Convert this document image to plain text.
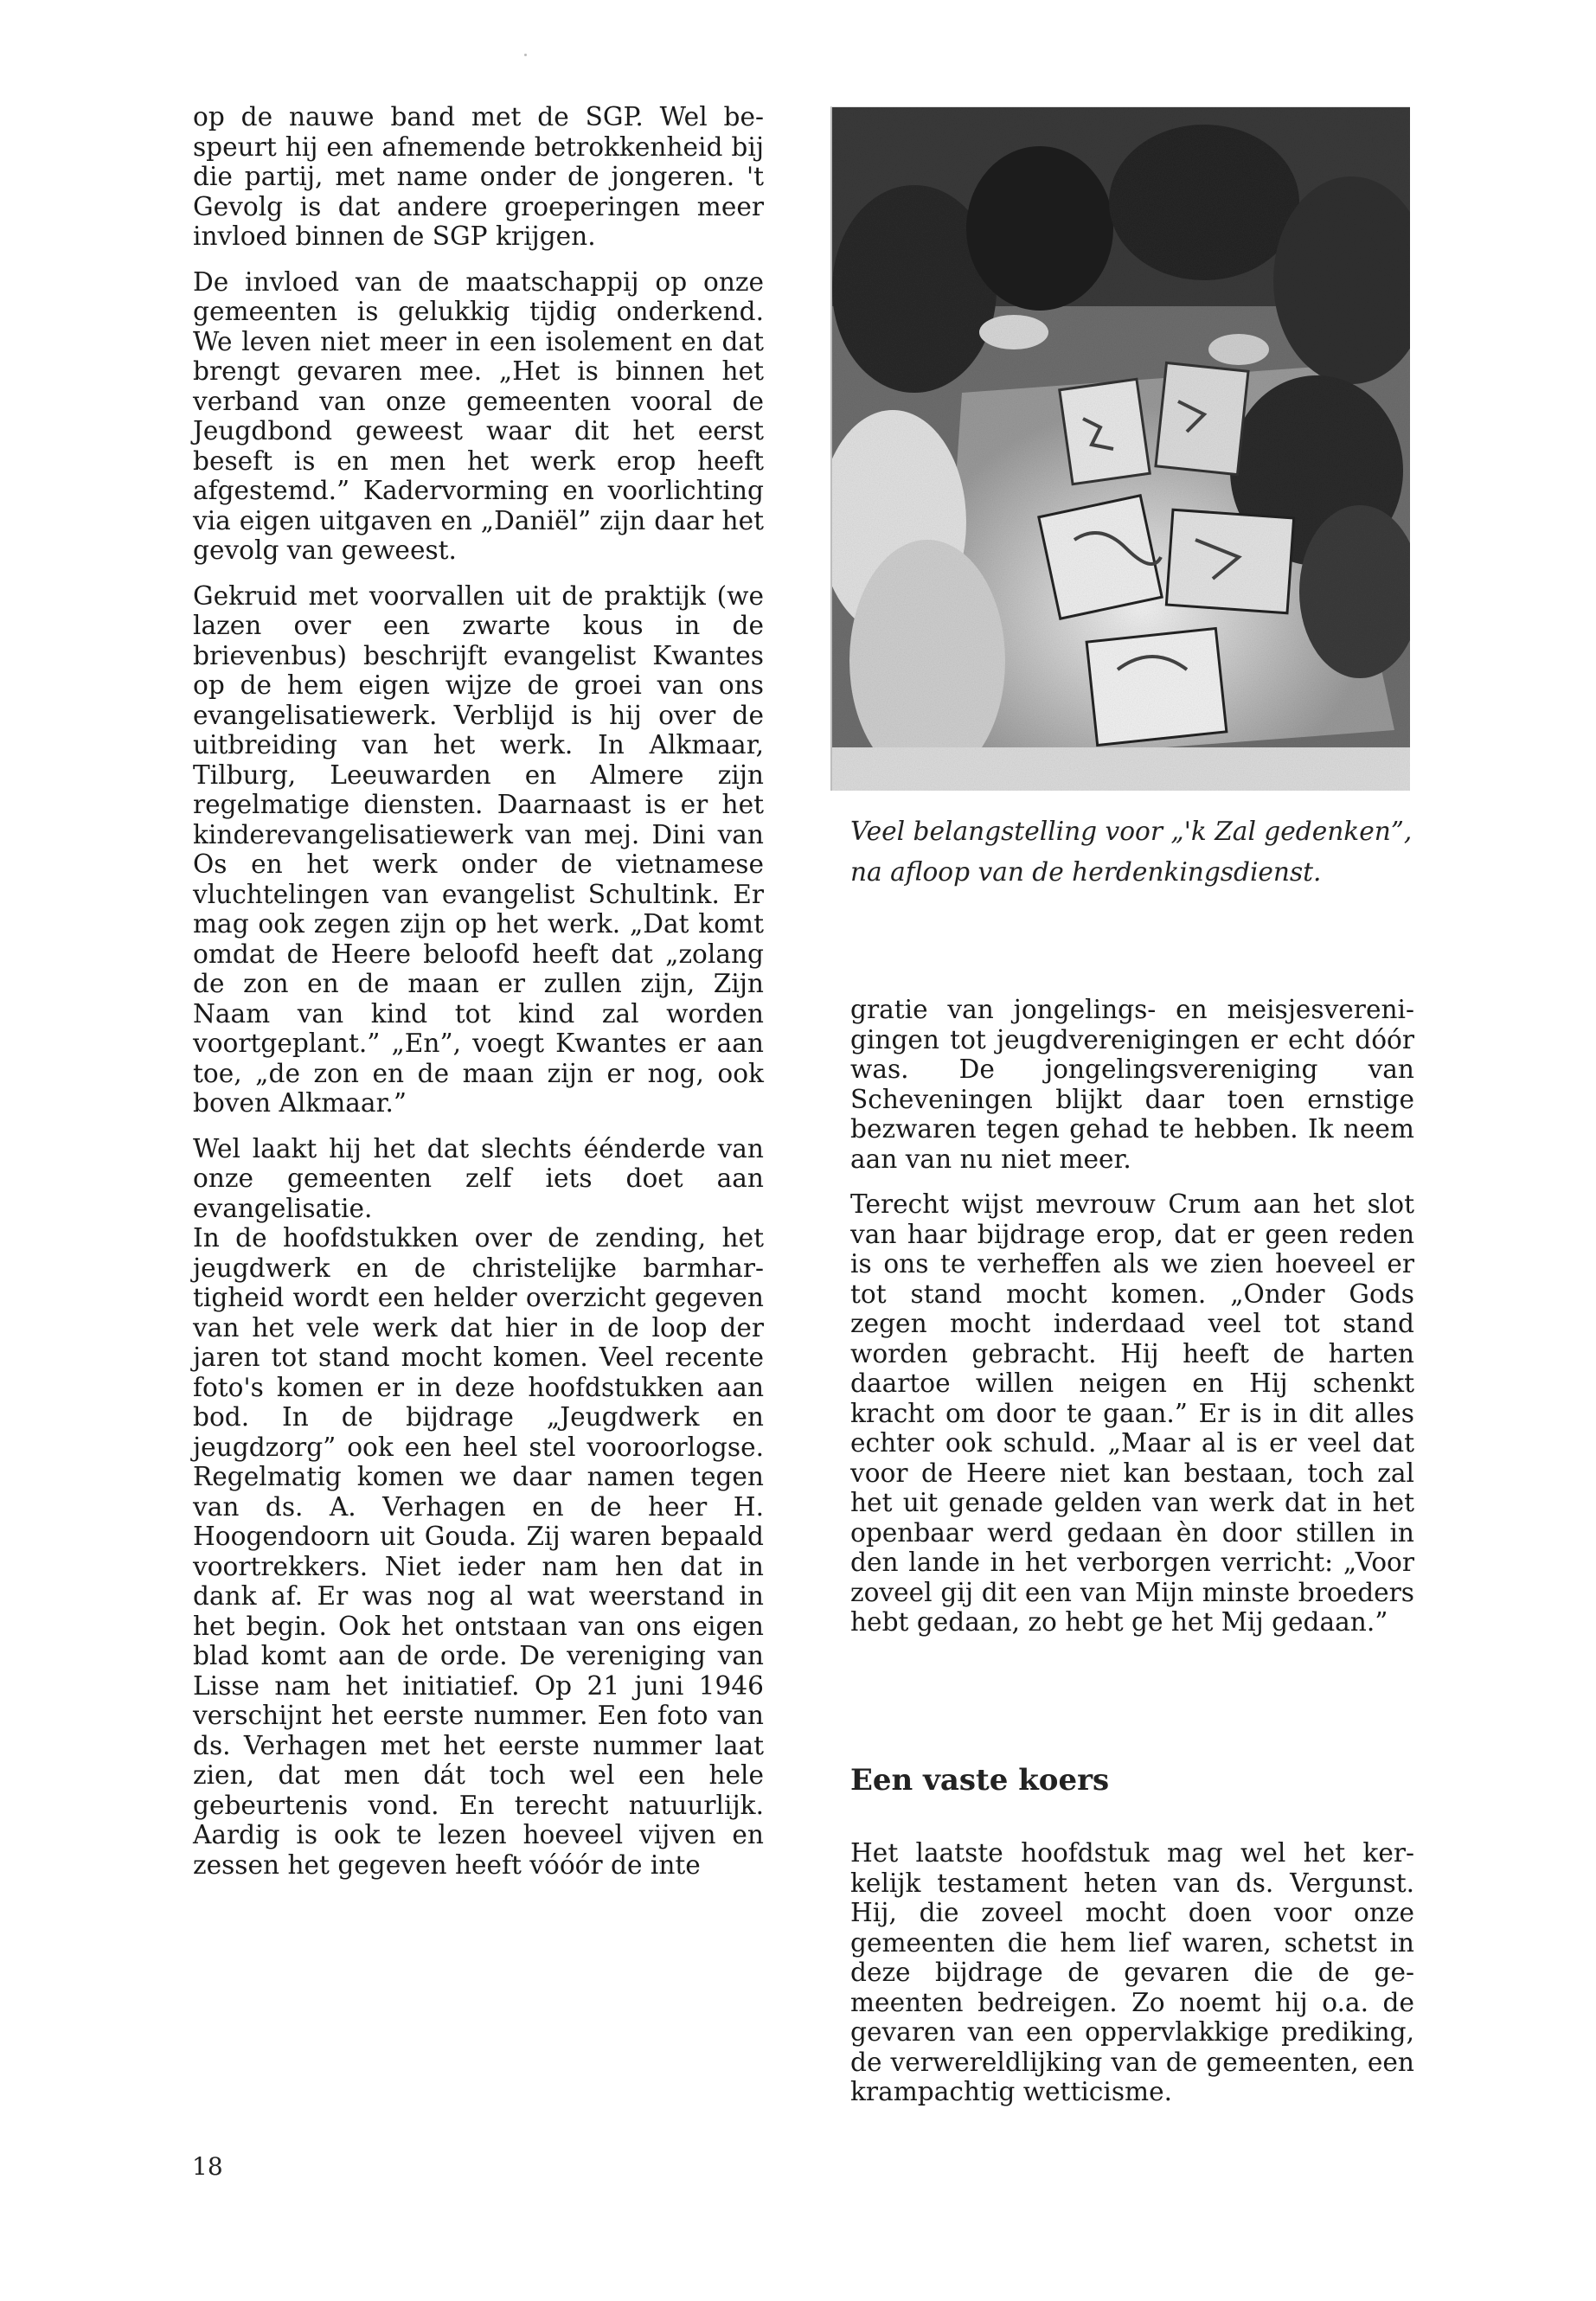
op de nauwe band met de SGP. Wel bespeurt hij een afnemende betrokkenheid bij die partij, met name onder de jongeren. 't Gevolg is dat andere groeperingen meer invloed binnen de SGP krijgen.

De invloed van de maatschappij op onze gemeenten is gelukkig tijdig onderkend. We leven niet meer in een isolement en dat brengt gevaren mee. „Het is binnen het verband van onze gemeenten vooral de Jeugdbond geweest waar dit het eerst beseft is en men het werk erop heeft afgestemd.” Kadervorming en voorlichting via eigen uitgaven en „Daniël” zijn daar het gevolg van geweest.

Gekruid met voorvallen uit de praktijk (we lazen over een zwarte kous in de brievenbus) beschrijft evangelist Kwantes op de hem eigen wijze de groei van ons evangelisatiewerk. Verblijd is hij over de uitbreiding van het werk. In Alkmaar, Tilburg, Leeuwarden en Almere zijn regelmatige diensten. Daarnaast is er het kinderevangelisatiewerk van mej. Dini van Os en het werk onder de vietnamese vluchtelingen van evangelist Schultink. Er mag ook zegen zijn op het werk. „Dat komt omdat de Heere beloofd heeft dat „zolang de zon en de maan er zullen zijn, Zijn Naam van kind tot kind zal worden voortgeplant.” „En”, voegt Kwantes er aan toe, „de zon en de maan zijn er nog, ook boven Alkmaar.”

Wel laakt hij het dat slechts éénderde van onze gemeenten zelf iets doet aan evangelisatie.

In de hoofdstukken over de zending, het jeugdwerk en de christelijke barmhartigheid wordt een helder overzicht gegeven van het vele werk dat hier in de loop der jaren tot stand mocht komen. Veel recente foto's komen er in deze hoofdstukken aan bod. In de bijdrage „Jeugdwerk en jeugdzorg” ook een heel stel vooroorlogse. Regelmatig komen we daar namen tegen van ds. A. Verhagen en de heer H. Hoogendoorn uit Gouda. Zij waren bepaald voortrekkers. Niet ieder nam hen dat in dank af. Er was nog al wat weerstand in het begin. Ook het ontstaan van ons eigen blad komt aan de orde. De vereniging van Lisse nam het initiatief. Op 21 juni 1946 verschijnt het eerste nummer. Een foto van ds. Verhagen met het eerste nummer laat zien, dat men dát toch wel een hele gebeurtenis vond. En terecht natuurlijk. Aardig is ook te lezen hoeveel vijven en zessen het gegeven heeft vóóór de inte

Veel belangstelling voor „'k Zal gedenken”, na afloop van de herdenkingsdienst.

gratie van jongelings- en meisjesverenigingen tot jeugdverenigingen er echt dóór was. De jongelingsvereniging van Scheveningen blijkt daar toen ernstige bezwaren tegen gehad te hebben. Ik neem aan van nu niet meer.

Terecht wijst mevrouw Crum aan het slot van haar bijdrage erop, dat er geen reden is ons te verheffen als we zien hoeveel er tot stand mocht komen. „Onder Gods zegen mocht inderdaad veel tot stand worden gebracht. Hij heeft de harten daartoe willen neigen en Hij schenkt kracht om door te gaan.” Er is in dit alles echter ook schuld. „Maar al is er veel dat voor de Heere niet kan bestaan, toch zal het uit genade gelden van werk dat in het openbaar werd gedaan èn door stillen in den lande in het verborgen verricht: „Voor zoveel gij dit een van Mijn minste broeders hebt gedaan, zo hebt ge het Mij gedaan.”

Een vaste koers

Het laatste hoofdstuk mag wel het kerkelijk testament heten van ds. Vergunst. Hij, die zoveel mocht doen voor onze gemeenten die hem lief waren, schetst in deze bijdrage de gevaren die de gemeenten bedreigen. Zo noemt hij o.a. de gevaren van een oppervlakkige prediking, de verwereldlijking van de gemeenten, een krampachtig wetticisme.

18
